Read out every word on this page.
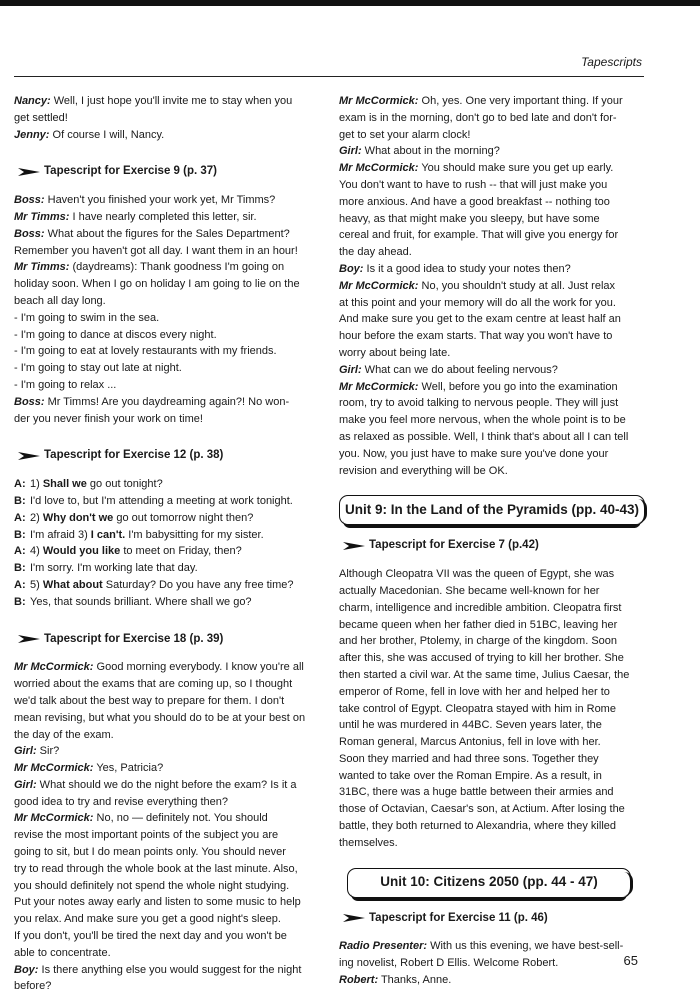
Tapescripts
Nancy: Well, I just hope you'll invite me to stay when you
get settled!
Jenny: Of course I will, Nancy.
Tapescript for Exercise 9 (p. 37)
Boss: Haven't you finished your work yet, Mr Timms?
Mr Timms: I have nearly completed this letter, sir.
Boss: What about the figures for the Sales Department?
Remember you haven't got all day. I want them in an hour!
Mr Timms: (daydreams): Thank goodness I'm going on
holiday soon. When I go on holiday I am going to lie on the
beach all day long.
- I'm going to swim in the sea.
- I'm going to dance at discos every night.
- I'm going to eat at lovely restaurants with my friends.
- I'm going to stay out late at night.
- I'm going to relax ...
Boss: Mr Timms! Are you daydreaming again?! No won-
der you never finish your work on time!
Tapescript for Exercise 12 (p. 38)
A: 1) Shall we go out tonight?
B: I'd love to, but I'm attending a meeting at work tonight.
A: 2) Why don't we go out tomorrow night then?
B: I'm afraid 3) I can't. I'm babysitting for my sister.
A: 4) Would you like to meet on Friday, then?
B: I'm sorry. I'm working late that day.
A: 5) What about Saturday? Do you have any free time?
B: Yes, that sounds brilliant. Where shall we go?
Tapescript for Exercise 18 (p. 39)
Mr McCormick: Good morning everybody. I know you're all
worried about the exams that are coming up, so I thought
we'd talk about the best way to prepare for them. I don't
mean revising, but what you should do to be at your best on
the day of the exam.
Girl: Sir?
Mr McCormick: Yes, Patricia?
Girl: What should we do the night before the exam? Is it a
good idea to try and revise everything then?
Mr McCormick: No, no — definitely not. You should
revise the most important points of the subject you are
going to sit, but I do mean points only. You should never
try to read through the whole book at the last minute. Also,
you should definitely not spend the whole night studying.
Put your notes away early and listen to some music to help
you relax. And make sure you get a good night's sleep.
If you don't, you'll be tired the next day and you won't be
able to concentrate.
Boy: Is there anything else you would suggest for the night
before?
Mr McCormick: Oh, yes. One very important thing. If your
exam is in the morning, don't go to bed late and don't for-
get to set your alarm clock!
Girl: What about in the morning?
Mr McCormick: You should make sure you get up early.
You don't want to have to rush -- that will just make you
more anxious. And have a good breakfast -- nothing too
heavy, as that might make you sleepy, but have some
cereal and fruit, for example. That will give you energy for
the day ahead.
Boy: Is it a good idea to study your notes then?
Mr McCormick: No, you shouldn't study at all. Just relax
at this point and your memory will do all the work for you.
And make sure you get to the exam centre at least half an
hour before the exam starts. That way you won't have to
worry about being late.
Girl: What can we do about feeling nervous?
Mr McCormick: Well, before you go into the examination
room, try to avoid talking to nervous people. They will just
make you feel more nervous, when the whole point is to be
as relaxed as possible. Well, I think that's about all I can tell
you. Now, you just have to make sure you've done your
revision and everything will be OK.
Unit 9: In the Land of the Pyramids (pp. 40-43)
Tapescript for Exercise 7 (p.42)
Although Cleopatra VII was the queen of Egypt, she was
actually Macedonian. She became well-known for her
charm, intelligence and incredible ambition. Cleopatra first
became queen when her father died in 51BC, leaving her
and her brother, Ptolemy, in charge of the kingdom. Soon
after this, she was accused of trying to kill her brother. She
then started a civil war. At the same time, Julius Caesar, the
emperor of Rome, fell in love with her and helped her to
take control of Egypt. Cleopatra stayed with him in Rome
until he was murdered in 44BC. Seven years later, the
Roman general, Marcus Antonius, fell in love with her.
Soon they married and had three sons. Together they
wanted to take over the Roman Empire. As a result, in
31BC, there was a huge battle between their armies and
those of Octavian, Caesar's son, at Actium. After losing the
battle, they both returned to Alexandria, where they killed
themselves.
Unit 10: Citizens 2050 (pp. 44 - 47)
Tapescript for Exercise 11 (p. 46)
Radio Presenter: With us this evening, we have best-sell-
ing novelist, Robert D Ellis. Welcome Robert.
Robert: Thanks, Anne.
65
